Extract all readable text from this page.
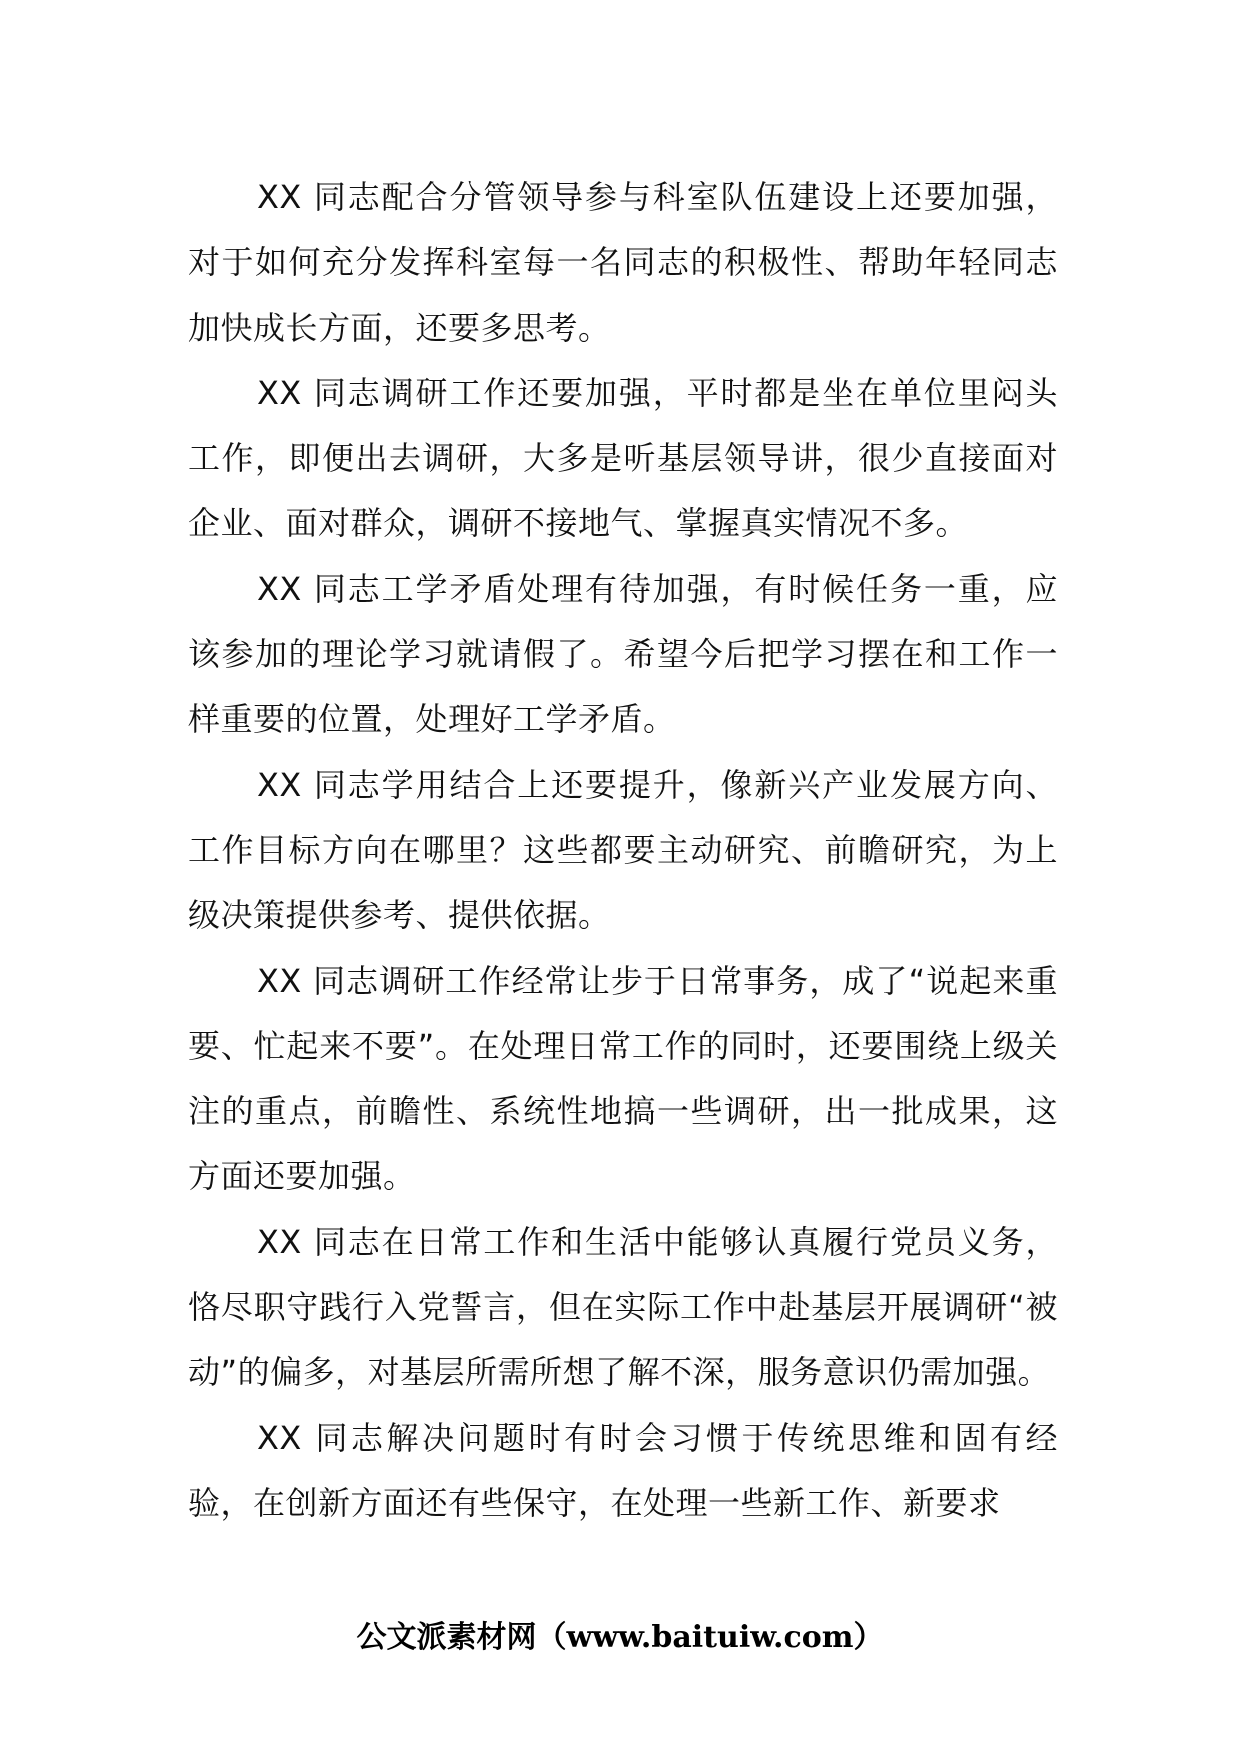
XX 同志配合分管领导参与科室队伍建设上还要加强，对于如何充分发挥科室每一名同志的积极性、帮助年轻同志加快成长方面，还要多思考。

XX 同志调研工作还要加强，平时都是坐在单位里闷头工作，即便出去调研，大多是听基层领导讲，很少直接面对企业、面对群众，调研不接地气、掌握真实情况不多。

XX 同志工学矛盾处理有待加强，有时候任务一重，应该参加的理论学习就请假了。希望今后把学习摆在和工作一样重要的位置，处理好工学矛盾。

XX 同志学用结合上还要提升，像新兴产业发展方向、工作目标方向在哪里？这些都要主动研究、前瞻研究，为上级决策提供参考、提供依据。

XX 同志调研工作经常让步于日常事务，成了“说起来重要、忙起来不要”。在处理日常工作的同时，还要围绕上级关注的重点，前瞻性、系统性地搞一些调研，出一批成果，这方面还要加强。

XX 同志在日常工作和生活中能够认真履行党员义务，恪尽职守践行入党誓言，但在实际工作中赴基层开展调研“被动”的偏多，对基层所需所想了解不深，服务意识仍需加强。

XX 同志解决问题时有时会习惯于传统思维和固有经验，在创新方面还有些保守，在处理一些新工作、新要求

公文派素材网（www.baituiw.com）
